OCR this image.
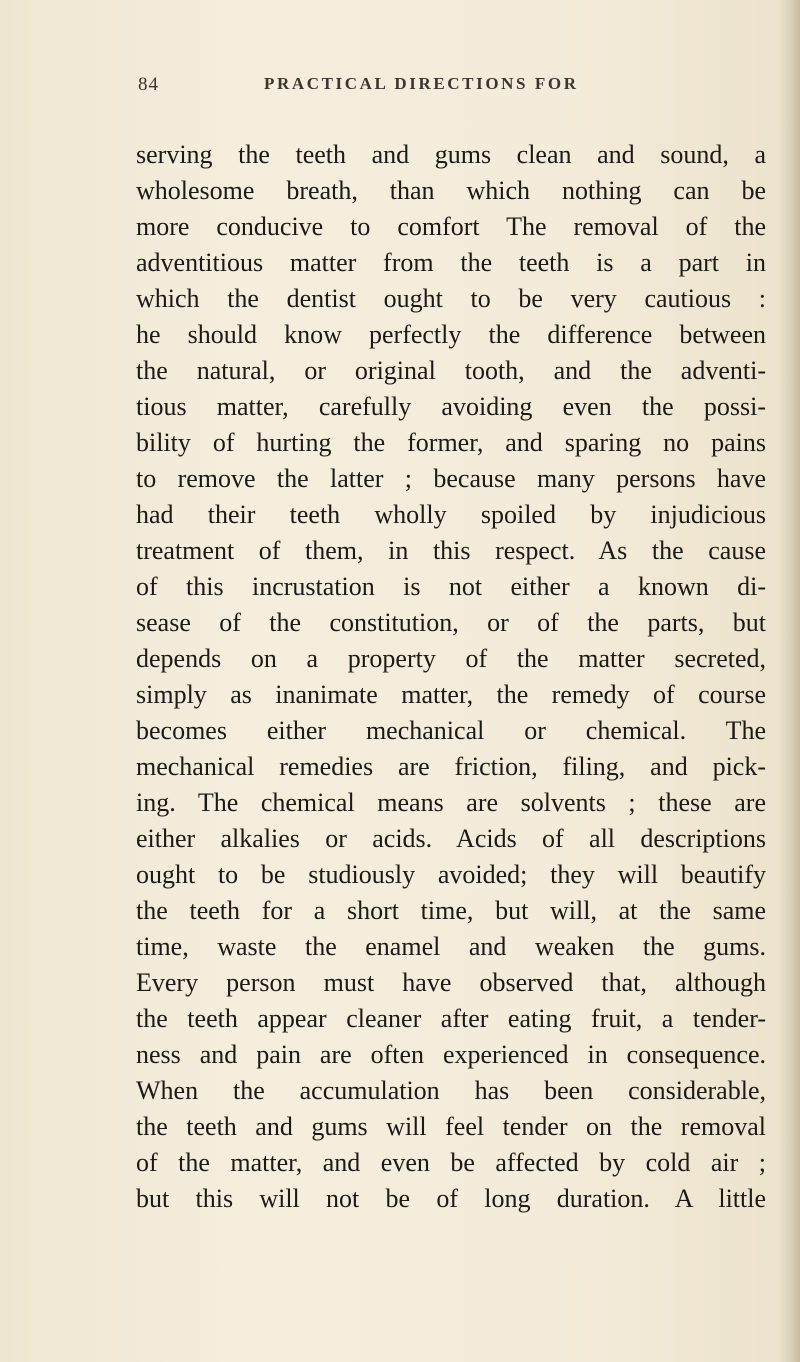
84	PRACTICAL DIRECTIONS FOR
serving the teeth and gums clean and sound, a
wholesome breath, than which nothing can be
more conducive to comfort The removal of the
adventitious matter from the teeth is a part in
which the dentist ought to be very cautious :
he should know perfectly the difference between
the natural, or original tooth, and the adventi-
tious matter, carefully avoiding even the possi-
bility of hurting the former, and sparing no pains
to remove the latter ; because many persons have
had their teeth wholly spoiled by injudicious
treatment of them, in this respect. As the cause
of this incrustation is not either a known di-
sease of the constitution, or of the parts, but
depends on a property of the matter secreted,
simply as inanimate matter, the remedy of course
becomes either mechanical or chemical. The
mechanical remedies are friction, filing, and pick-
ing. The chemical means are solvents ; these are
either alkalies or acids. Acids of all descriptions
ought to be studiously avoided; they will beautify
the teeth for a short time, but will, at the same
time, waste the enamel and weaken the gums.
Every person must have observed that, although
the teeth appear cleaner after eating fruit, a tender-
ness and pain are often experienced in consequence.
When the accumulation has been considerable,
the teeth and gums will feel tender on the removal
of the matter, and even be affected by cold air ;
but this will not be of long duration. A little
